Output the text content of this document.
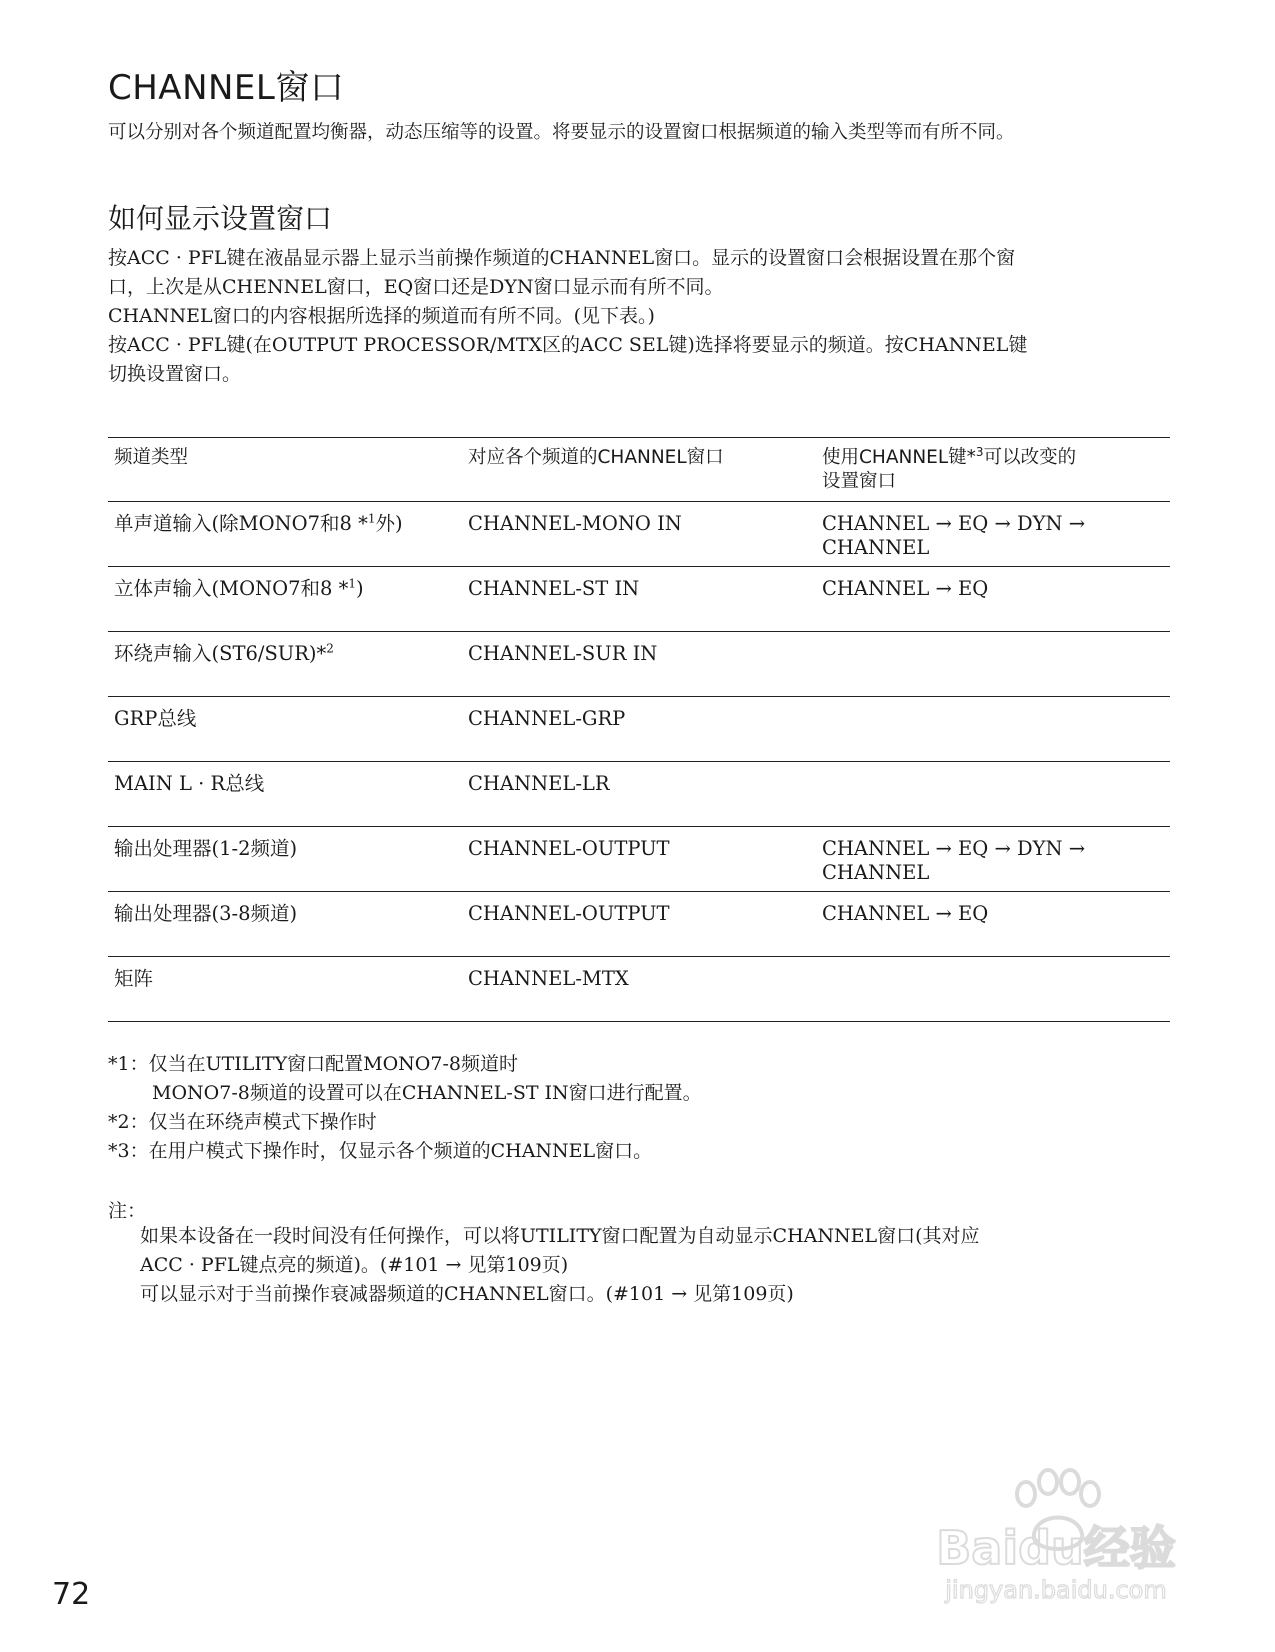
CHANNEL窗口

可以分别对各个频道配置均衡器，动态压缩等的设置。将要显示的设置窗口根据频道的输入类型等而有所不同。

如何显示设置窗口

按ACC · PFL键在液晶显示器上显示当前操作频道的CHANNEL窗口。显示的设置窗口会根据设置在那个窗

口，上次是从CHENNEL窗口，EQ窗口还是DYN窗口显示而有所不同。

CHANNEL窗口的内容根据所选择的频道而有所不同。(见下表。)

按ACC · PFL键(在OUTPUT PROCESSOR/MTX区的ACC SEL键)选择将要显示的频道。按CHANNEL键

切换设置窗口。

频道类型	对应各个频道的CHANNEL窗口	使用CHANNEL键*$^3$可以改变的
设置窗口
单声道输入(除MONO7和8 *$^1$外)	CHANNEL-MONO IN	CHANNEL → EQ → DYN →
CHANNEL
立体声输入(MONO7和8 *$^1$)	CHANNEL-ST IN	CHANNEL → EQ

环绕声输入(ST6/SUR)*$^2$	CHANNEL-SUR IN	

GRP总线	CHANNEL-GRP	

MAIN L · R总线	CHANNEL-LR	

输出处理器(1-2频道)	CHANNEL-OUTPUT	CHANNEL → EQ → DYN →
CHANNEL
输出处理器(3-8频道)	CHANNEL-OUTPUT	CHANNEL → EQ

矩阵	CHANNEL-MTX	

*1：仅当在UTILITY窗口配置MONO7-8频道时

MONO7-8频道的设置可以在CHANNEL-ST IN窗口进行配置。

*2：仅当在环绕声模式下操作时

*3：在用户模式下操作时，仅显示各个频道的CHANNEL窗口。

注：

如果本设备在一段时间没有任何操作，可以将UTILITY窗口配置为自动显示CHANNEL窗口(其对应

ACC · PFL键点亮的频道)。(#101 → 见第109页)

可以显示对于当前操作衰减器频道的CHANNEL窗口。(#101 → 见第109页)

Baidu经验
jingyan.baidu.com

72
